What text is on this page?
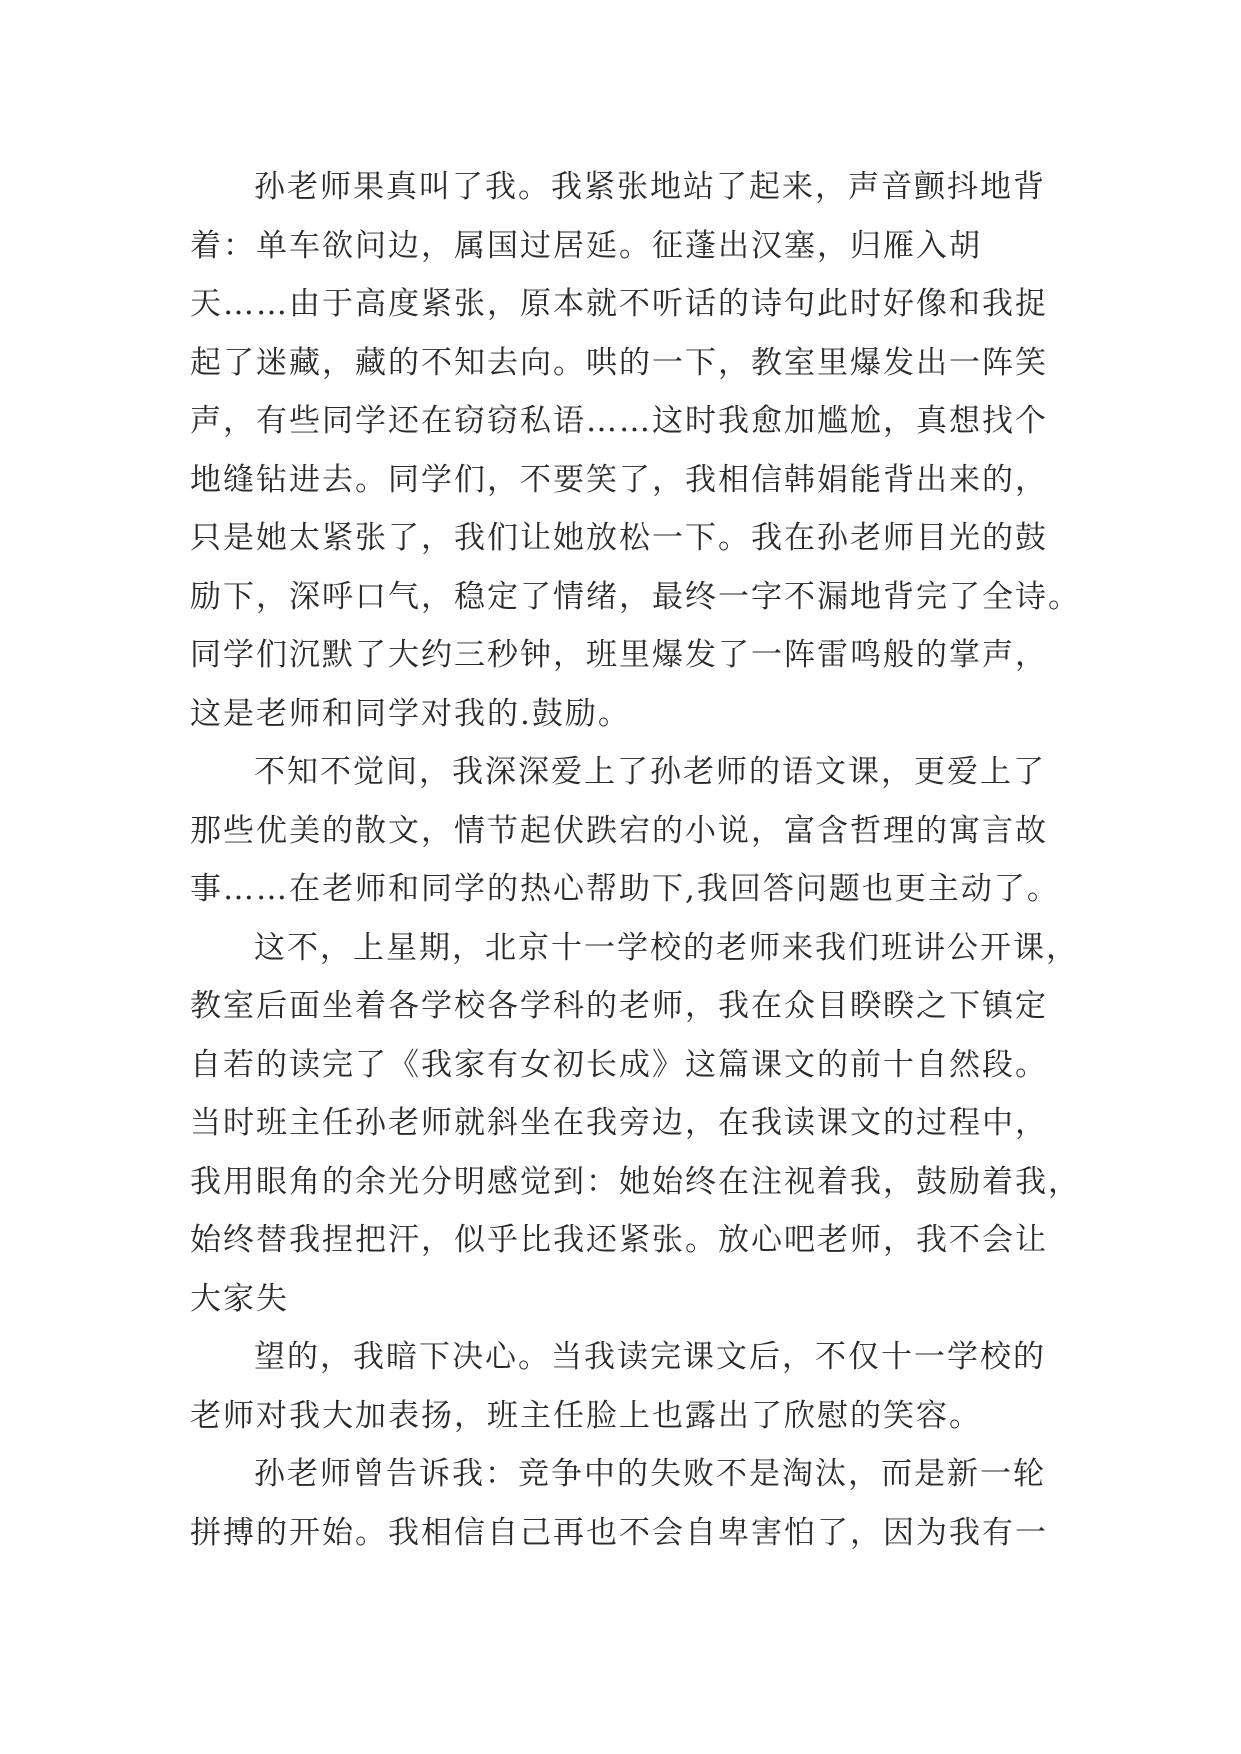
孙老师果真叫了我。我紧张地站了起来，声音颤抖地背
着：单车欲问边，属国过居延。征蓬出汉塞，归雁入胡
天……由于高度紧张，原本就不听话的诗句此时好像和我捉
起了迷藏，藏的不知去向。哄的一下，教室里爆发出一阵笑
声，有些同学还在窃窃私语……这时我愈加尴尬，真想找个
地缝钻进去。同学们，不要笑了，我相信韩娟能背出来的，
只是她太紧张了，我们让她放松一下。我在孙老师目光的鼓
励下，深呼口气，稳定了情绪，最终一字不漏地背完了全诗。
同学们沉默了大约三秒钟，班里爆发了一阵雷鸣般的掌声，
这是老师和同学对我的.鼓励。
不知不觉间，我深深爱上了孙老师的语文课，更爱上了
那些优美的散文，情节起伏跌宕的小说，富含哲理的寓言故
事……在老师和同学的热心帮助下,我回答问题也更主动了。
这不，上星期，北京十一学校的老师来我们班讲公开课，
教室后面坐着各学校各学科的老师，我在众目睽睽之下镇定
自若的读完了《我家有女初长成》这篇课文的前十自然段。
当时班主任孙老师就斜坐在我旁边，在我读课文的过程中，
我用眼角的余光分明感觉到：她始终在注视着我，鼓励着我，
始终替我捏把汗，似乎比我还紧张。放心吧老师，我不会让
大家失
望的，我暗下决心。当我读完课文后，不仅十一学校的
老师对我大加表扬，班主任脸上也露出了欣慰的笑容。
孙老师曾告诉我：竞争中的失败不是淘汰，而是新一轮
拼搏的开始。我相信自己再也不会自卑害怕了，因为我有一
